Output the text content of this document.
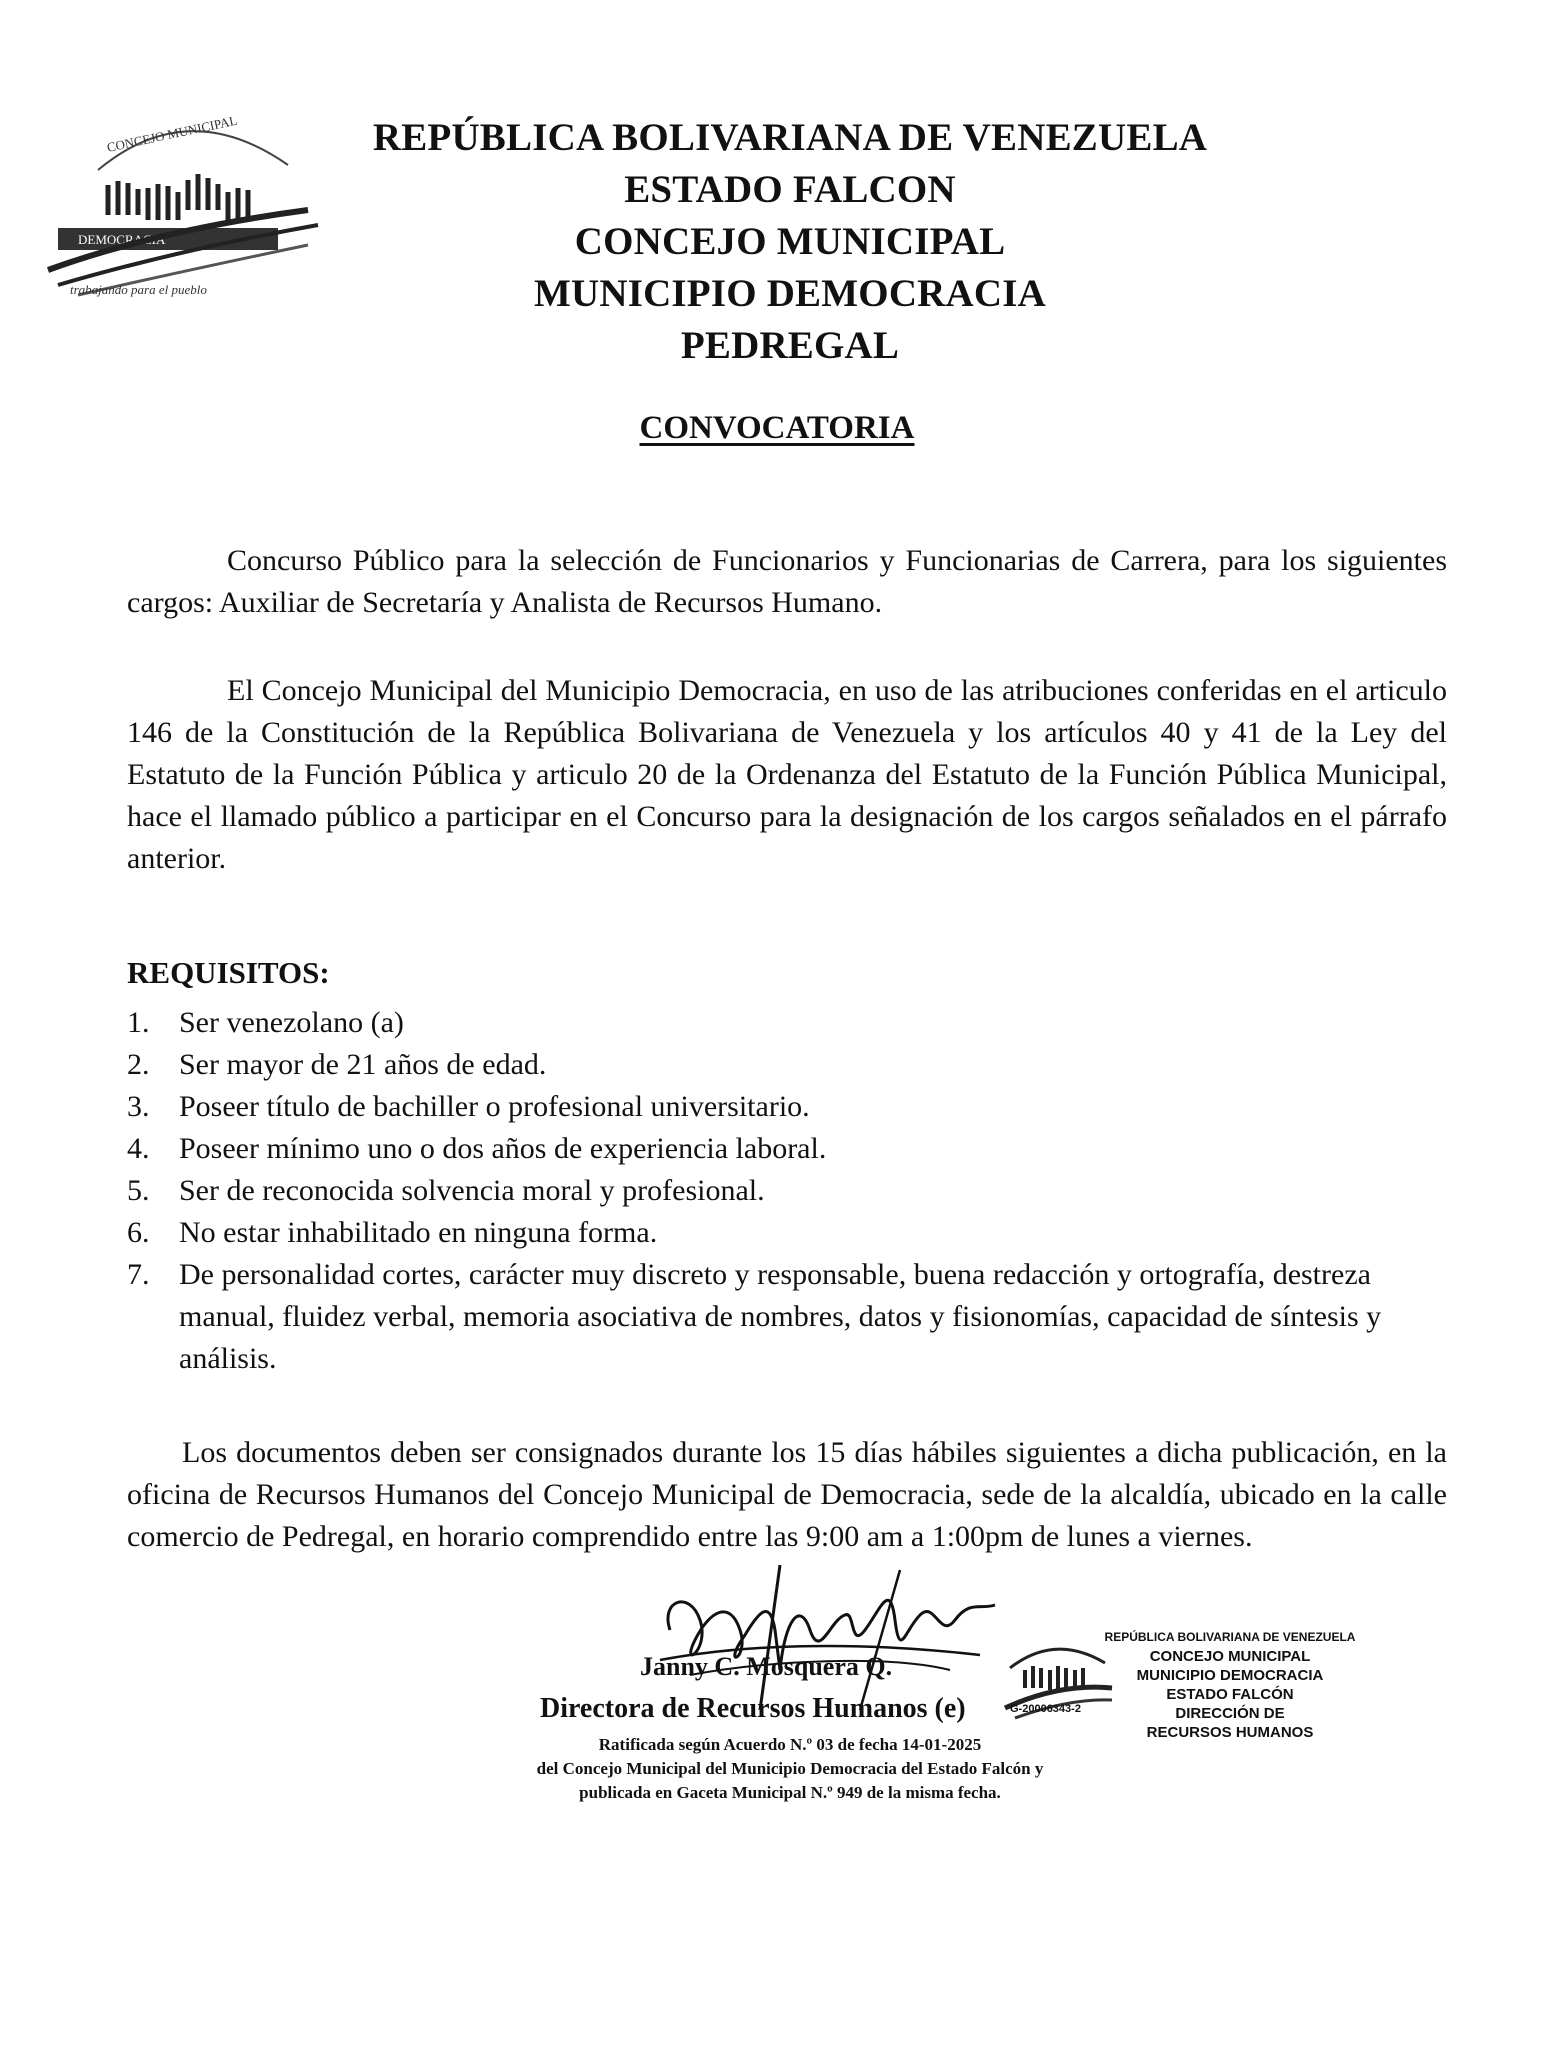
CONCEJO MUNICIPAL
DEMOCRACIA
trabajando para el pueblo
REPÚBLICA BOLIVARIANA DE VENEZUELA
ESTADO FALCON
CONCEJO MUNICIPAL
MUNICIPIO DEMOCRACIA
PEDREGAL
CONVOCATORIA
Concurso Público para la selección de Funcionarios y Funcionarias de Carrera, para los siguientes cargos: Auxiliar de Secretaría y Analista de Recursos Humano.
El Concejo Municipal del Municipio Democracia, en uso de las atribuciones conferidas en el articulo 146 de la Constitución de la República Bolivariana de Venezuela y los artículos 40 y 41 de la Ley del Estatuto de la Función Pública y articulo 20 de la Ordenanza del Estatuto de la Función Pública Municipal, hace el llamado público a participar en el Concurso para la designación de los cargos señalados en el párrafo anterior.
REQUISITOS:
1. Ser venezolano (a)
2. Ser mayor de 21 años de edad.
3. Poseer título de bachiller o profesional universitario.
4. Poseer mínimo uno o dos años de experiencia laboral.
5. Ser de reconocida solvencia moral y profesional.
6. No estar inhabilitado en ninguna forma.
7. De personalidad cortes, carácter muy discreto y responsable, buena redacción y ortografía, destreza manual, fluidez verbal, memoria asociativa de nombres, datos y fisionomías, capacidad de síntesis y análisis.
Los documentos deben ser consignados durante los 15 días hábiles siguientes a dicha publicación, en la oficina de Recursos Humanos del Concejo Municipal de Democracia, sede de la alcaldía, ubicado en la calle comercio de Pedregal, en horario comprendido entre las 9:00 am a 1:00pm de lunes a viernes.
Janny C. Mosquera Q.
Directora de Recursos Humanos (e)
Ratificada según Acuerdo N.º 03 de fecha 14-01-2025
del Concejo Municipal del Municipio Democracia del Estado Falcón y
publicada en Gaceta Municipal N.º 949 de la misma fecha.
REPÚBLICA BOLIVARIANA DE VENEZUELA
CONCEJO MUNICIPAL
MUNICIPIO DEMOCRACIA
ESTADO FALCÓN
DIRECCIÓN DE
RECURSOS HUMANOS
G-20006343-2
